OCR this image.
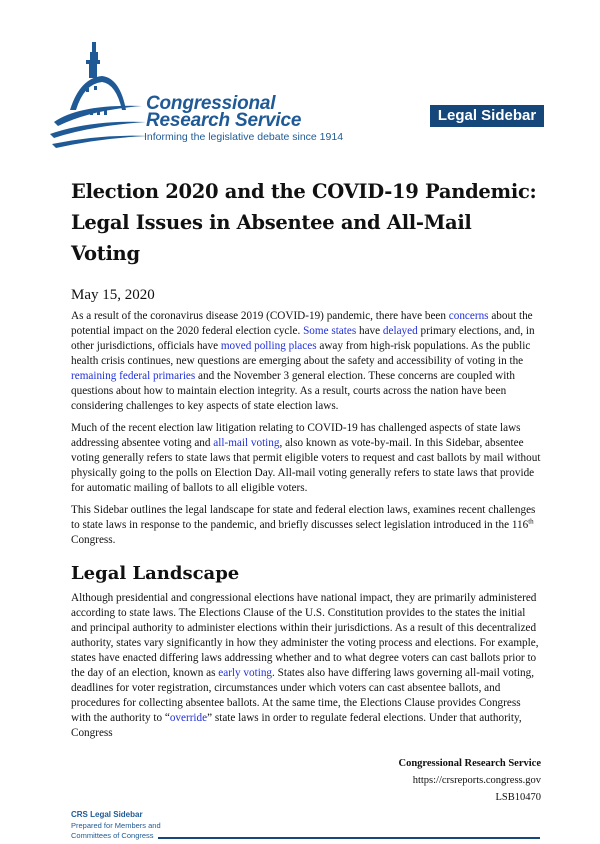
Congressional
Research Service
Informing the legislative debate since 1914
Legal Sidebar
Election 2020 and the COVID-19 Pandemic:
Legal Issues in Absentee and All-Mail Voting
May 15, 2020

As a result of the coronavirus disease 2019 (COVID-19) pandemic, there have been concerns about the potential impact on the 2020 federal election cycle. Some states have delayed primary elections, and, in other jurisdictions, officials have moved polling places away from high-risk populations. As the public health crisis continues, new questions are emerging about the safety and accessibility of voting in the remaining federal primaries and the November 3 general election. These concerns are coupled with questions about how to maintain election integrity. As a result, courts across the nation have been considering challenges to key aspects of state election laws.

Much of the recent election law litigation relating to COVID-19 has challenged aspects of state laws addressing absentee voting and all-mail voting, also known as vote-by-mail. In this Sidebar, absentee voting generally refers to state laws that permit eligible voters to request and cast ballots by mail without physically going to the polls on Election Day. All-mail voting generally refers to state laws that provide for automatic mailing of ballots to all eligible voters.

This Sidebar outlines the legal landscape for state and federal election laws, examines recent challenges to state laws in response to the pandemic, and briefly discusses select legislation introduced in the 116th Congress.

Legal Landscape

Although presidential and congressional elections have national impact, they are primarily administered according to state laws. The Elections Clause of the U.S. Constitution provides to the states the initial and principal authority to administer elections within their jurisdictions. As a result of this decentralized authority, states vary significantly in how they administer the voting process and elections. For example, states have enacted differing laws addressing whether and to what degree voters can cast ballots prior to the day of an election, known as early voting. States also have differing laws governing all-mail voting, deadlines for voter registration, circumstances under which voters can cast absentee ballots, and procedures for collecting absentee ballots. At the same time, the Elections Clause provides Congress with the authority to “override” state laws in order to regulate federal elections. Under that authority, Congress

Congressional Research Service
https://crsreports.congress.gov
LSB10470
CRS Legal Sidebar
Prepared for Members and
Committees of Congress
